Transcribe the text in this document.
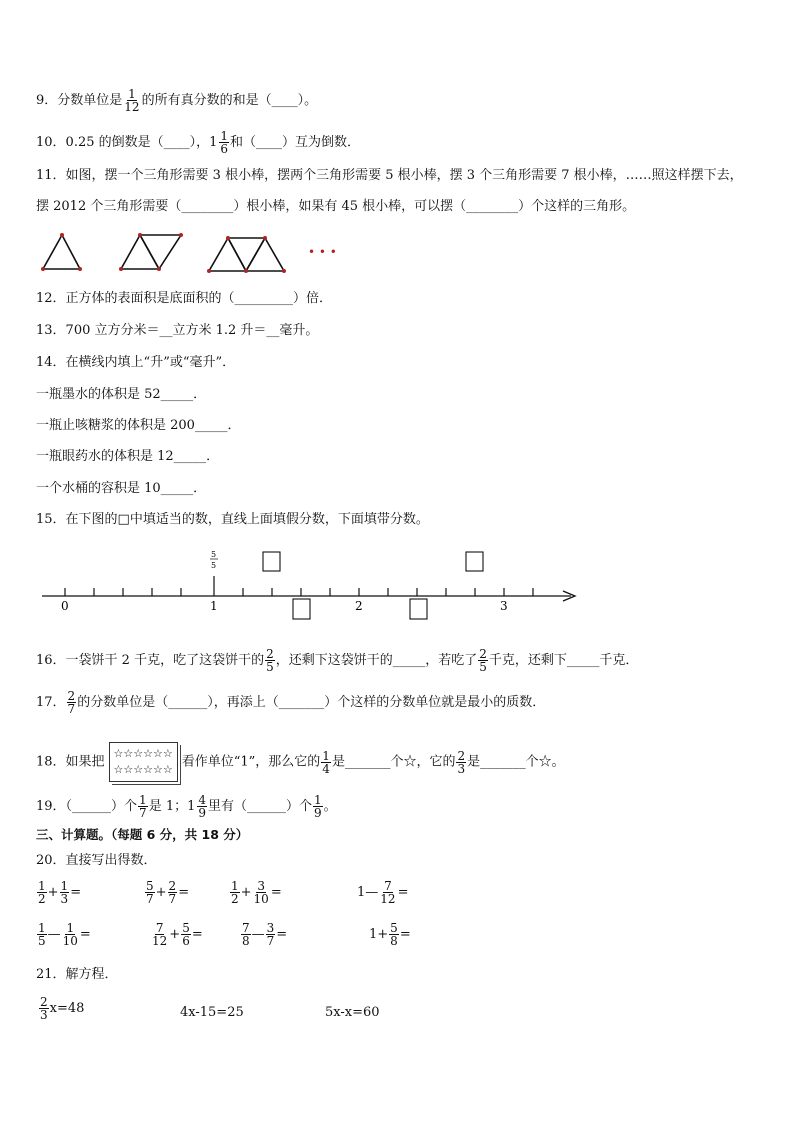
9．分数单位是 $\frac{1}{12}$ 的所有真分数的和是（____）。
10．0.25 的倒数是（____）， $1 \frac{1}{6}$ 和（____）互为倒数．
11．如图，摆一个三角形需要 3 根小棒，摆两个三角形需要 5 根小棒，摆 3 个三角形需要 7 根小棒，……照这样摆下去，
摆 2012 个三角形需要（________）根小棒，如果有 45 根小棒，可以摆（________）个这样的三角形。
• • •
12．正方体的表面积是底面积的（_________）倍．
13．700 立方分米＝__立方米 1.2 升＝__毫升。
14．在横线内填上“升”或“毫升”．
一瓶墨水的体积是 52_____．
一瓶止咳糖浆的体积是 200_____．
一瓶眼药水的体积是 12_____．
一个水桶的容积是 10_____．
15．在下图的□中填适当的数，直线上面填假分数，下面填带分数。
0	1	2	3
5
5
16．一袋饼干 2 千克，吃了这袋饼干的 $\frac{2}{5}$ ，还剩下这袋饼干的_____，若吃了 $\frac{2}{5}$ 千克，还剩下_____千克．
17． $\frac{2}{7}$ 的分数单位是（______），再添上（_______）个这样的分数单位就是最小的质数．
18．如果把
☆☆☆☆☆☆
☆☆☆☆☆☆ 看作单位“1”，那么它的 $\frac{1}{4}$ 是_______个☆，它的 $\frac{2}{3}$ 是_______个☆。
19．（______）个 $\frac{1}{7}$ 是 1； $1 \frac{4}{9}$ 里有（______）个 $\frac{1}{9}$ 。
三、计算题。（每题 6 分，共 18 分）
20．直接写出得数．
$\frac{1}{2} + \frac{1}{3}$ =	$\frac{5}{7} + \frac{2}{7}$ =	$\frac{1}{2} + \frac{3}{10}$ =	1— $\frac{7}{12}$ =
$\frac{1}{5}$ — $\frac{1}{10}$ =	$\frac{7}{12} + \frac{5}{6}$ =	$\frac{7}{8}$ — $\frac{3}{7}$ =	$1+ \frac{5}{8}$ =
21．解方程．
$\frac{2}{3} x=48$	4x-15=25	5x-x=60
